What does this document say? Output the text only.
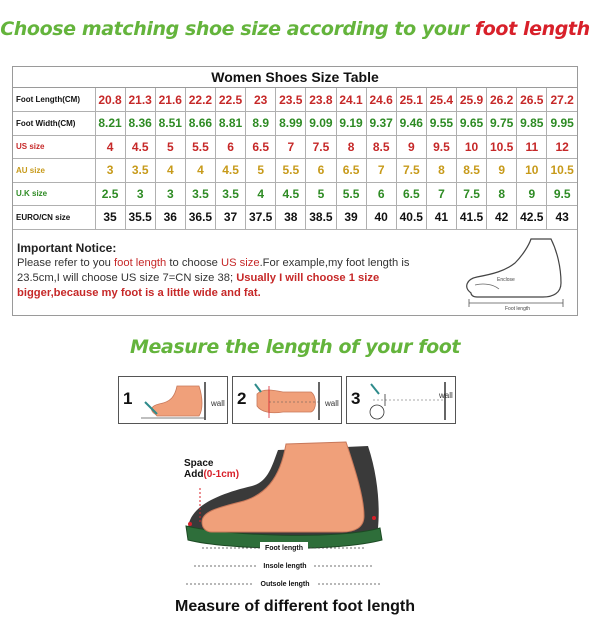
Choose matching shoe size according to your foot length
Women Shoes Size Table
Foot Length(CM)	20.8	21.3	21.6	22.2	22.5	23	23.5	23.8	24.1	24.6	25.1	25.4	25.9	26.2	26.5	27.2
Foot Width(CM)	8.21	8.36	8.51	8.66	8.81	8.9	8.99	9.09	9.19	9.37	9.46	9.55	9.65	9.75	9.85	9.95
US size	4	4.5	5	5.5	6	6.5	7	7.5	8	8.5	9	9.5	10	10.5	11	12
AU size	3	3.5	4	4	4.5	5	5.5	6	6.5	7	7.5	8	8.5	9	10	10.5
U.K size	2.5	3	3	3.5	3.5	4	4.5	5	5.5	6	6.5	7	7.5	8	9	9.5
EURO/CN size	35	35.5	36	36.5	37	37.5	38	38.5	39	40	40.5	41	41.5	42	42.5	43
Important Notice:
Please refer to you foot length to choose US size.For example,my foot length is 23.5cm,I will choose US size 7=CN size 38; Usually I will choose 1 size bigger,because my foot is a little wide and fat.
Enclose
Foot length
Measure the length of your foot
1	wall 2	wall 3	wall
Space
Add(0-1cm)
Foot length
Insole length
Outsole length
Measure of different foot length
